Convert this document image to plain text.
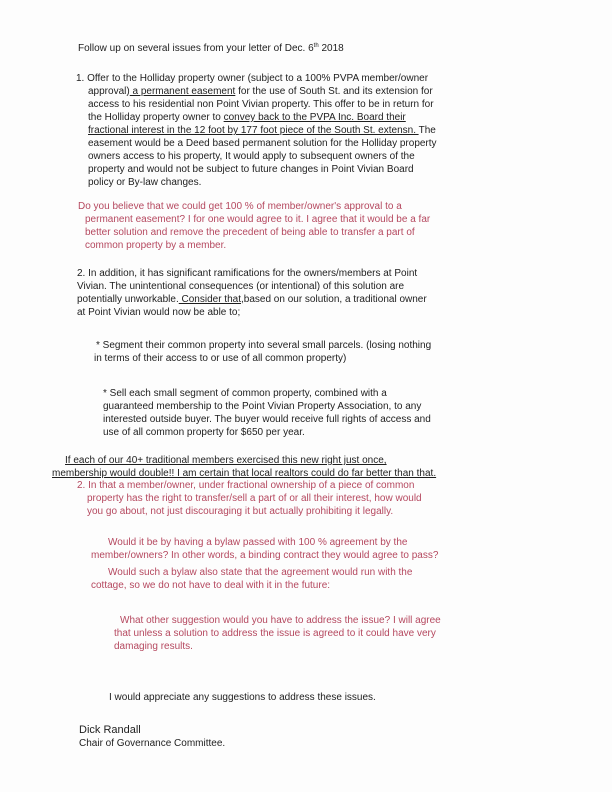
Follow up on several issues from your letter of Dec. 6th 2018
1. Offer to the Holliday property owner (subject to a 100% PVPA member/owner
approval) a permanent easement for the use of South St. and its extension for
access to his residential non Point Vivian property. This offer to be in return for
the Holliday property owner to convey back to the PVPA Inc. Board their
fractional interest in the 12 foot by 177 foot piece of the South St. extensn. The
easement would be a Deed based permanent solution for the Holliday property
owners access to his property, It would apply to subsequent owners of the
property and would not be subject to future changes in Point Vivian Board
policy or By-law changes.
Do you believe that we could get 100 % of member/owner's approval to a
permanent easement? I for one would agree to it. I agree that it would be a far
better solution and remove the precedent of being able to transfer a part of
common property by a member.
2. In addition, it has significant ramifications for the owners/members at Point
Vivian. The unintentional consequences (or intentional) of this solution are
potentially unworkable. Consider that,based on our solution, a traditional owner
at Point Vivian would now be able to;
* Segment their common property into several small parcels. (losing nothing
in terms of their access to or use of all common property)
* Sell each small segment of common property, combined with a
guaranteed membership to the Point Vivian Property Association, to any
interested outside buyer. The buyer would receive full rights of access and
use of all common property for $650 per year.
If each of our 40+ traditional members exercised this new right just once,
membership would double!! I am certain that local realtors could do far better than that.
2. In that a member/owner, under fractional ownership of a piece of common
property has the right to transfer/sell a part of or all their interest, how would
you go about, not just discouraging it but actually prohibiting it legally.
Would it be by having a bylaw passed with 100 % agreement by the
member/owners? In other words, a binding contract they would agree to pass?
Would such a bylaw also state that the agreement would run with the
cottage, so we do not have to deal with it in the future:
What other suggestion would you have to address the issue? I will agree
that unless a solution to address the issue is agreed to it could have very
damaging results.
I would appreciate any suggestions to address these issues.
Dick Randall
Chair of Governance Committee.
